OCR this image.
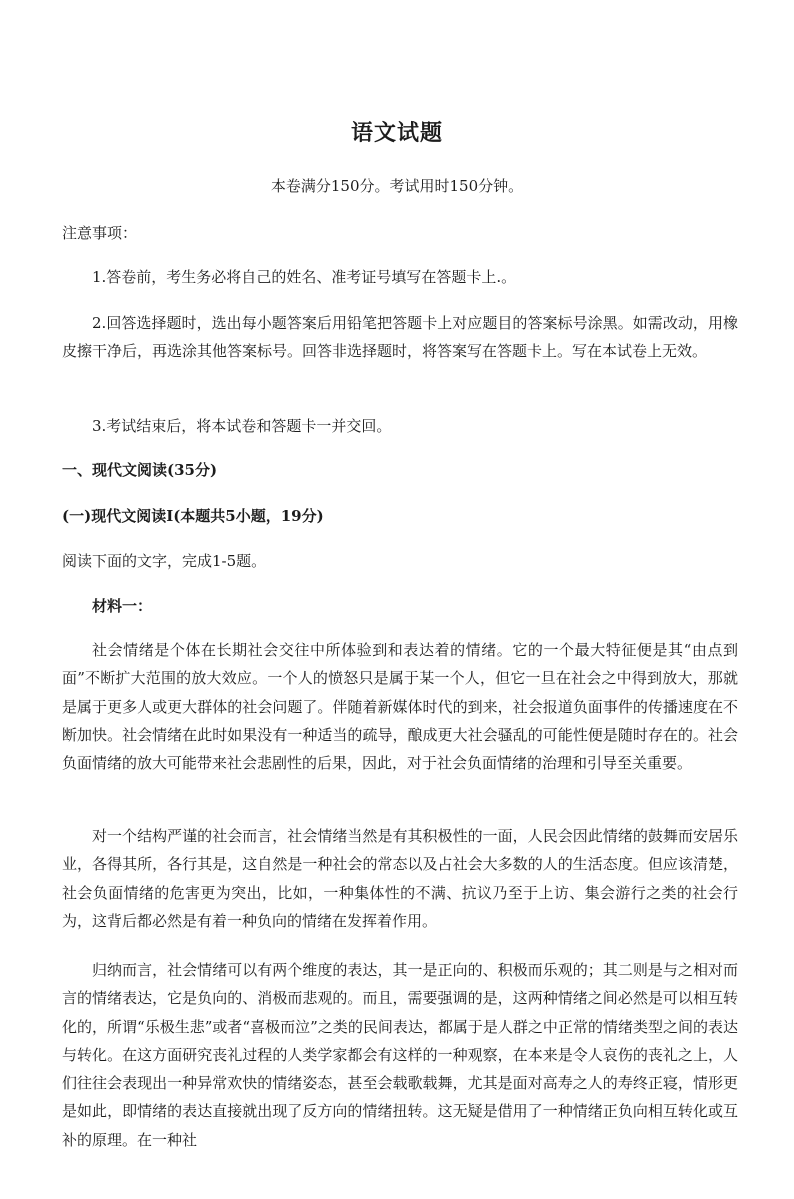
语文试题
本卷满分150分。考试用时150分钟。
注意事项：
1.答卷前，考生务必将自己的姓名、准考证号填写在答题卡上.。
2.回答选择题时，选出每小题答案后用铅笔把答题卡上对应题目的答案标号涂黑。如需改动，用橡皮擦干净后，再选涂其他答案标号。回答非选择题时，将答案写在答题卡上。写在本试卷上无效。
3.考试结束后，将本试卷和答题卡一并交回。
一、现代文阅读(35分)
(一)现代文阅读Ⅰ(本题共5小题，19分)
阅读下面的文字，完成1-5题。
材料一：
社会情绪是个体在长期社会交往中所体验到和表达着的情绪。它的一个最大特征便是其“由点到面”不断扩大范围的放大效应。一个人的愤怒只是属于某一个人，但它一旦在社会之中得到放大，那就是属于更多人或更大群体的社会问题了。伴随着新媒体时代的到来，社会报道负面事件的传播速度在不断加快。社会情绪在此时如果没有一种适当的疏导，酿成更大社会骚乱的可能性便是随时存在的。社会负面情绪的放大可能带来社会悲剧性的后果，因此，对于社会负面情绪的治理和引导至关重要。
对一个结构严谨的社会而言，社会情绪当然是有其积极性的一面，人民会因此情绪的鼓舞而安居乐业，各得其所，各行其是，这自然是一种社会的常态以及占社会大多数的人的生活态度。但应该清楚，社会负面情绪的危害更为突出，比如，一种集体性的不满、抗议乃至于上访、集会游行之类的社会行为，这背后都必然是有着一种负向的情绪在发挥着作用。
归纳而言，社会情绪可以有两个维度的表达，其一是正向的、积极而乐观的；其二则是与之相对而言的情绪表达，它是负向的、消极而悲观的。而且，需要强调的是，这两种情绪之间必然是可以相互转化的，所谓“乐极生悲”或者“喜极而泣”之类的民间表达，都属于是人群之中正常的情绪类型之间的表达与转化。在这方面研究丧礼过程的人类学家都会有这样的一种观察，在本来是令人哀伤的丧礼之上，人们往往会表现出一种异常欢快的情绪姿态，甚至会载歌载舞，尤其是面对高寿之人的寿终正寝，情形更是如此，即情绪的表达直接就出现了反方向的情绪扭转。这无疑是借用了一种情绪正负向相互转化或互补的原理。在一种社
